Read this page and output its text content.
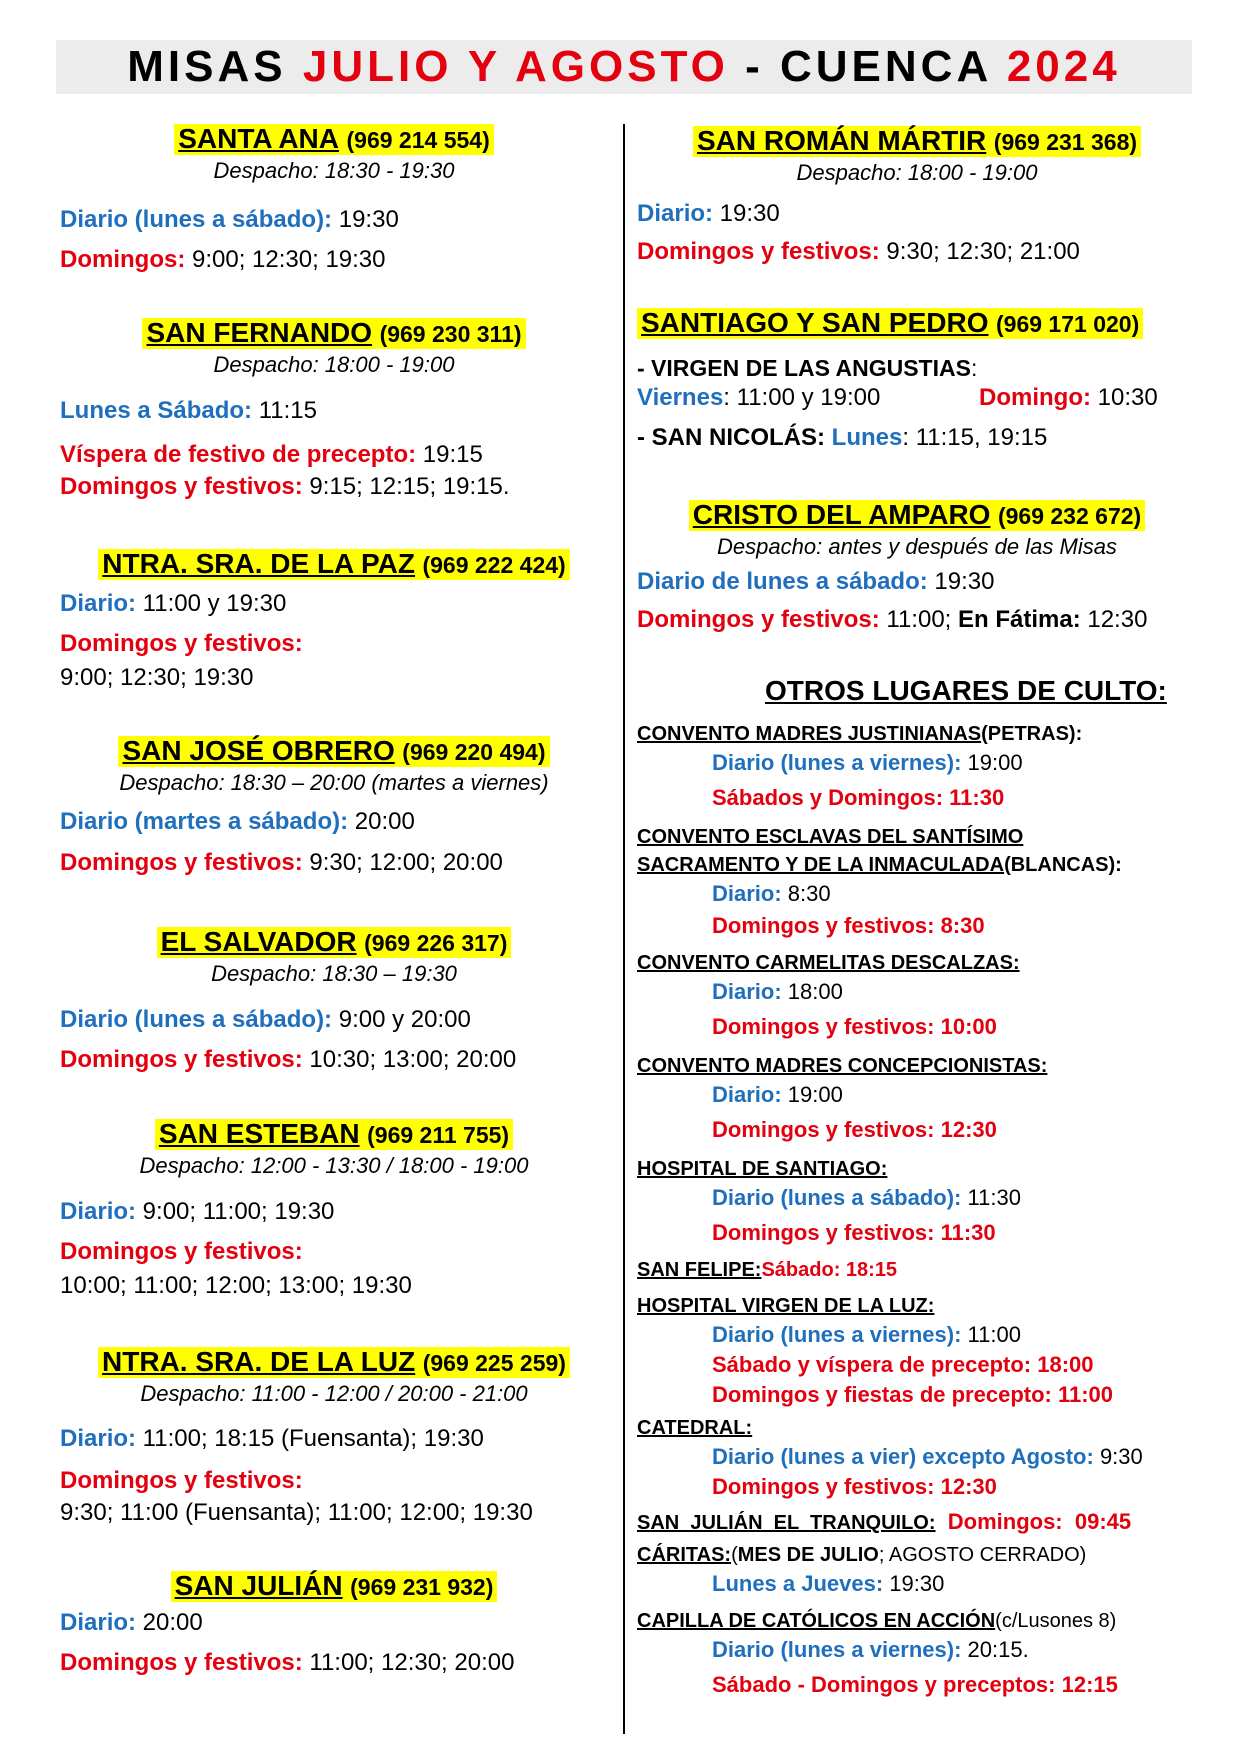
MISAS JULIO Y AGOSTO - CUENCA 2024
SANTA ANA (969 214 554)
Despacho: 18:30 - 19:30
Diario (lunes a sábado): 19:30
Domingos: 9:00; 12:30; 19:30
SAN FERNANDO (969 230 311)
Despacho: 18:00 - 19:00
Lunes a Sábado: 11:15
Víspera de festivo de precepto: 19:15
Domingos y festivos: 9:15; 12:15; 19:15.
NTRA. SRA. DE LA PAZ (969 222 424)
Diario: 11:00 y 19:30
Domingos y festivos:
9:00; 12:30; 19:30
SAN JOSÉ OBRERO (969 220 494)
Despacho: 18:30 – 20:00 (martes a viernes)
Diario (martes a sábado): 20:00
Domingos y festivos: 9:30; 12:00; 20:00
EL SALVADOR (969 226 317)
Despacho: 18:30 – 19:30
Diario (lunes a sábado): 9:00 y 20:00
Domingos y festivos: 10:30; 13:00; 20:00
SAN ESTEBAN (969 211 755)
Despacho: 12:00 - 13:30 / 18:00 - 19:00
Diario: 9:00; 11:00; 19:30
Domingos y festivos:
10:00; 11:00; 12:00; 13:00; 19:30
NTRA. SRA. DE LA LUZ (969 225 259)
Despacho: 11:00 - 12:00 / 20:00 - 21:00
Diario: 11:00; 18:15 (Fuensanta); 19:30
Domingos y festivos:
9:30; 11:00 (Fuensanta); 11:00; 12:00; 19:30
SAN JULIÁN (969 231 932)
Diario: 20:00
Domingos y festivos: 11:00; 12:30; 20:00
SAN ROMÁN MÁRTIR (969 231 368)
Despacho: 18:00 - 19:00
Diario: 19:30
Domingos y festivos: 9:30; 12:30; 21:00
SANTIAGO Y SAN PEDRO (969 171 020)
- VIRGEN DE LAS ANGUSTIAS:
Viernes: 11:00 y 19:00	Domingo: 10:30
- SAN NICOLÁS: Lunes: 11:15, 19:15
CRISTO DEL AMPARO (969 232 672)
Despacho: antes y después de las Misas
Diario de lunes a sábado: 19:30
Domingos y festivos: 11:00; En Fátima: 12:30
OTROS LUGARES DE CULTO:
CONVENTO MADRES JUSTINIANAS(PETRAS):
Diario (lunes a viernes): 19:00
Sábados y Domingos: 11:30
CONVENTO ESCLAVAS DEL SANTÍSIMO
SACRAMENTO Y DE LA INMACULADA(BLANCAS):
Diario: 8:30
Domingos y festivos: 8:30
CONVENTO CARMELITAS DESCALZAS:
Diario: 18:00
Domingos y festivos: 10:00
CONVENTO MADRES CONCEPCIONISTAS:
Diario: 19:00
Domingos y festivos: 12:30
HOSPITAL DE SANTIAGO:
Diario (lunes a sábado): 11:30
Domingos y festivos: 11:30
SAN FELIPE:Sábado: 18:15
HOSPITAL VIRGEN DE LA LUZ:
Diario (lunes a viernes): 11:00
Sábado y víspera de precepto: 18:00
Domingos y fiestas de precepto: 11:00
CATEDRAL:
Diario (lunes a vier) excepto Agosto: 9:30
Domingos y festivos: 12:30
SAN  JULIÁN  EL  TRANQUILO:  Domingos:  09:45
CÁRITAS:(MES DE JULIO; AGOSTO CERRADO)
Lunes a Jueves: 19:30
CAPILLA DE CATÓLICOS EN ACCIÓN(c/Lusones 8)
Diario (lunes a viernes): 20:15.
Sábado - Domingos y preceptos: 12:15
